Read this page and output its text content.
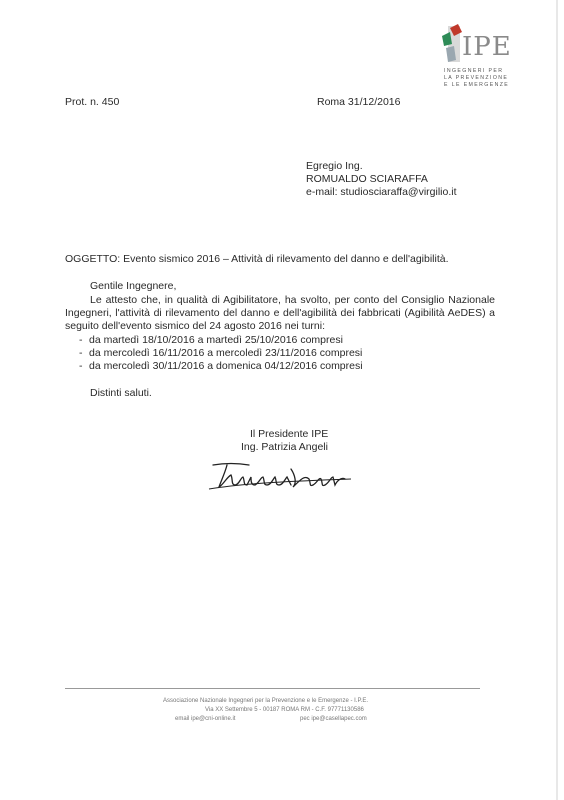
IPE
INGEGNERI PER
LA PREVENZIONE
E LE EMERGENZE
Prot. n. 450	Roma 31/12/2016
Egregio Ing.
ROMUALDO SCIARAFFA
e-mail: studiosciaraffa@virgilio.it
OGGETTO: Evento sismico 2016 – Attività di rilevamento del danno e dell'agibilità.
Gentile Ingegnere,
Le attesto che, in qualità di Agibilitatore, ha svolto, per conto del Consiglio Nazionale Ingegneri, l'attività di rilevamento del danno e dell'agibilità dei fabbricati (Agibilità AeDES) a seguito dell'evento sismico del 24 agosto 2016 nei turni:
- da martedì 18/10/2016 a martedì 25/10/2016 compresi
- da mercoledì 16/11/2016 a mercoledì 23/11/2016 compresi
- da mercoledì 30/11/2016 a domenica 04/12/2016 compresi
Distinti saluti.
Il Presidente IPE
Ing. Patrizia Angeli
Associazione Nazionale Ingegneri per la Prevenzione e le Emergenze - I.P.E.
Via XX Settembre 5 - 00187 ROMA RM - C.F. 97771130586
email ipe@cni-online.it	pec ipe@casellapec.com
